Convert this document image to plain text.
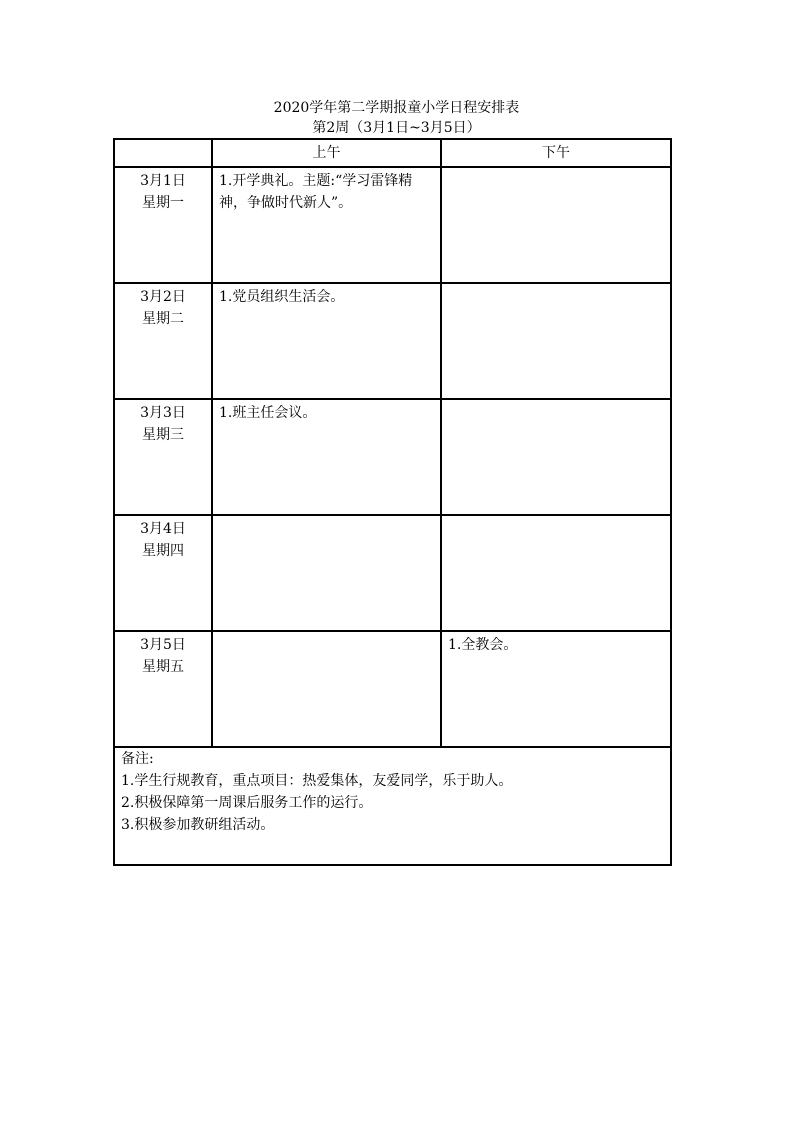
2020学年第二学期报童小学日程安排表
第2周（3月1日~3月5日）
	上午	下午

3月1日
星期一	1.开学典礼。主题:“学习雷锋精神，争做时代新人”。	

3月2日
星期二	1.党员组织生活会。	

3月3日
星期三	1.班主任会议。	

3月4日
星期四		

3月5日
星期五		1.全教会。

备注:
1.学生行规教育，重点项目：热爱集体，友爱同学，乐于助人。
2.积极保障第一周课后服务工作的运行。
3.积极参加教研组活动。		
